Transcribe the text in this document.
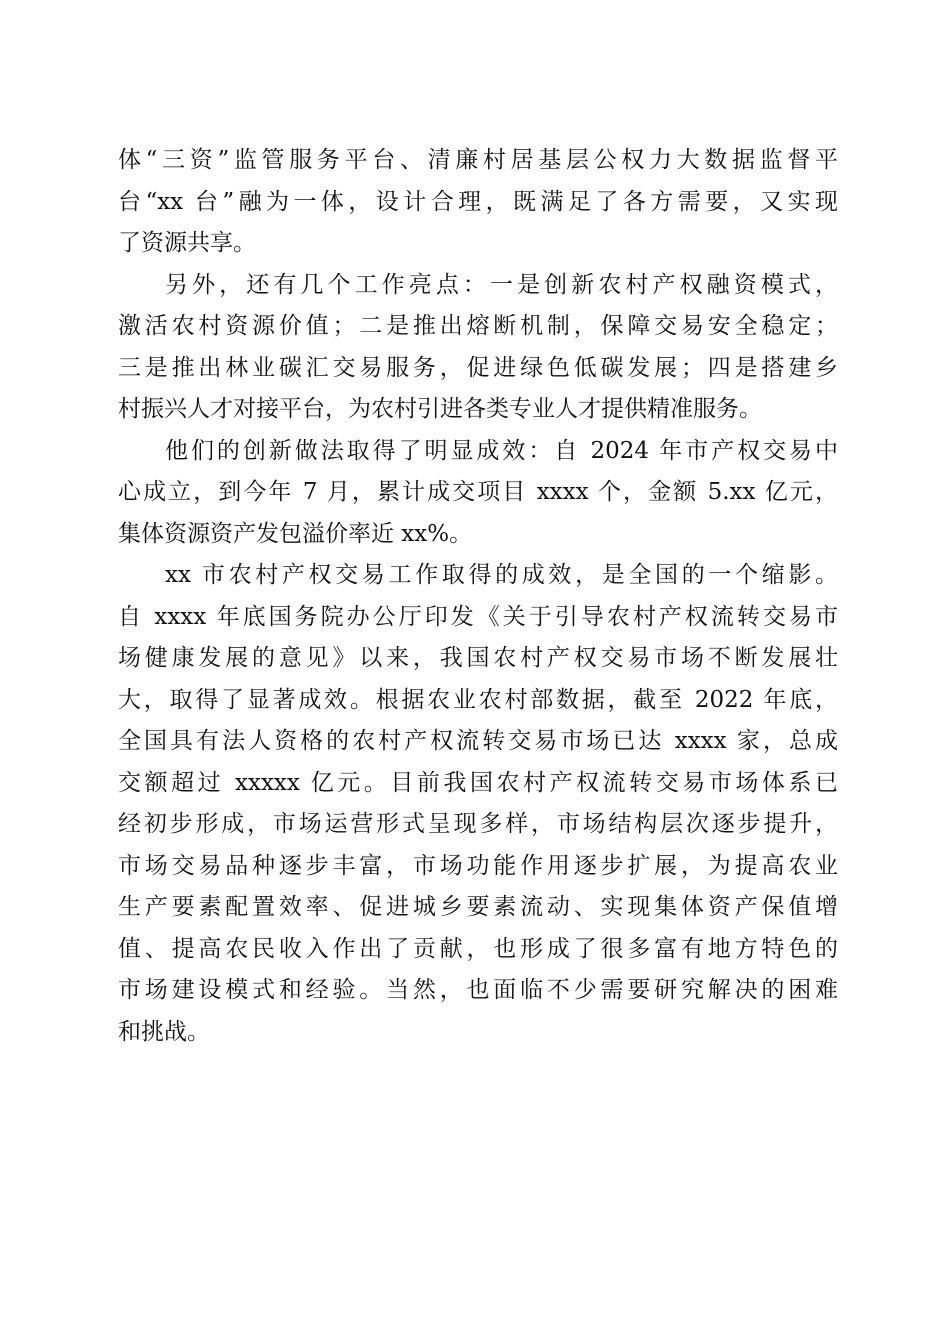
体“三资”监管服务平台、清廉村居基层公权力大数据监督平
台“xx 台”融为一体，设计合理，既满足了各方需要，又实现
了资源共享。
另外，还有几个工作亮点：一是创新农村产权融资模式，
激活农村资源价值；二是推出熔断机制，保障交易安全稳定；
三是推出林业碳汇交易服务，促进绿色低碳发展；四是搭建乡
村振兴人才对接平台，为农村引进各类专业人才提供精准服务。
他们的创新做法取得了明显成效：自 2024 年市产权交易中
心成立，到今年 7 月，累计成交项目 xxxx 个，金额 5.xx 亿元，
集体资源资产发包溢价率近 xx%。
xx 市农村产权交易工作取得的成效，是全国的一个缩影。
自 xxxx 年底国务院办公厅印发《关于引导农村产权流转交易市
场健康发展的意见》以来，我国农村产权交易市场不断发展壮
大，取得了显著成效。根据农业农村部数据，截至 2022 年底，
全国具有法人资格的农村产权流转交易市场已达 xxxx 家，总成
交额超过 xxxxx 亿元。目前我国农村产权流转交易市场体系已
经初步形成，市场运营形式呈现多样，市场结构层次逐步提升，
市场交易品种逐步丰富，市场功能作用逐步扩展，为提高农业
生产要素配置效率、促进城乡要素流动、实现集体资产保值增
值、提高农民收入作出了贡献，也形成了很多富有地方特色的
市场建设模式和经验。当然，也面临不少需要研究解决的困难
和挑战。
